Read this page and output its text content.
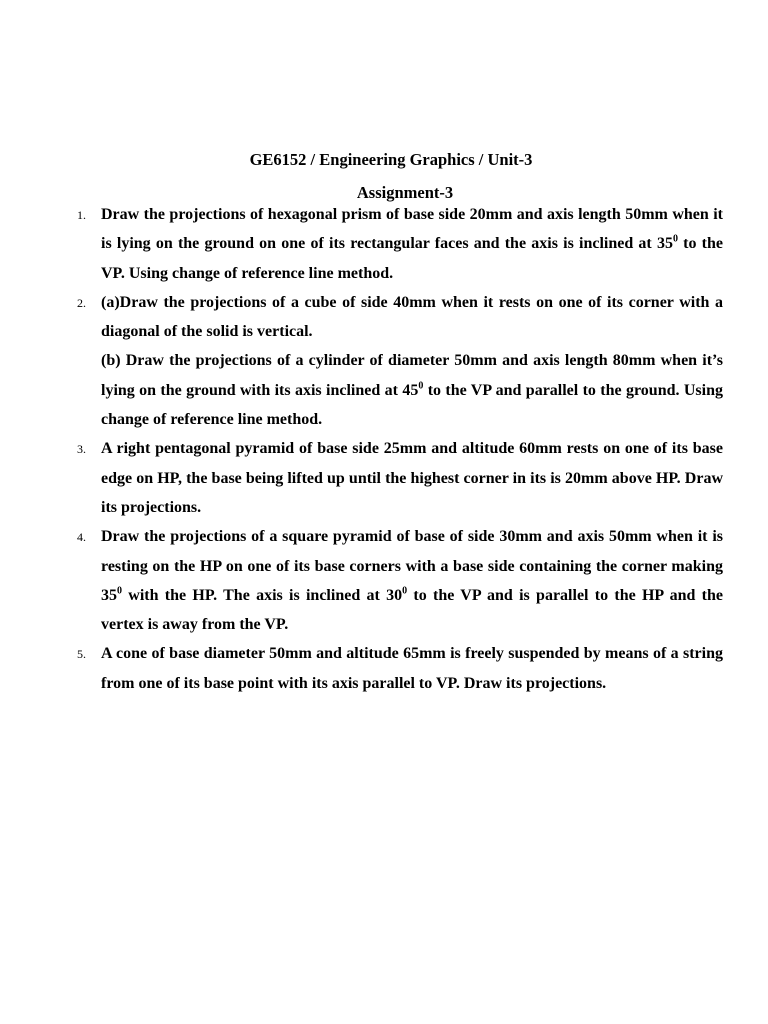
GE6152 / Engineering Graphics / Unit-3
Assignment-3
1. Draw the projections of hexagonal prism of base side 20mm and axis length 50mm when it is lying on the ground on one of its rectangular faces and the axis is inclined at $35^0$ to the VP. Using change of reference line method.
2. (a)Draw the projections of a cube of side 40mm when it rests on one of its corner with a diagonal of the solid is vertical.
(b) Draw the projections of a cylinder of diameter 50mm and axis length 80mm when it’s lying on the ground with its axis inclined at $45^0$ to the VP and parallel to the ground. Using change of reference line method.
3. A right pentagonal pyramid of base side 25mm and altitude 60mm rests on one of its base edge on HP, the base being lifted up until the highest corner in its is 20mm above HP. Draw its projections.
4. Draw the projections of a square pyramid of base of side 30mm and axis 50mm when it is resting on the HP on one of its base corners with a base side containing the corner making $35^0$ with the HP. The axis is inclined at $30^0$ to the VP and is parallel to the HP and the vertex is away from the VP.
5. A cone of base diameter 50mm and altitude 65mm is freely suspended by means of a string from one of its base point with its axis parallel to VP. Draw its projections.
